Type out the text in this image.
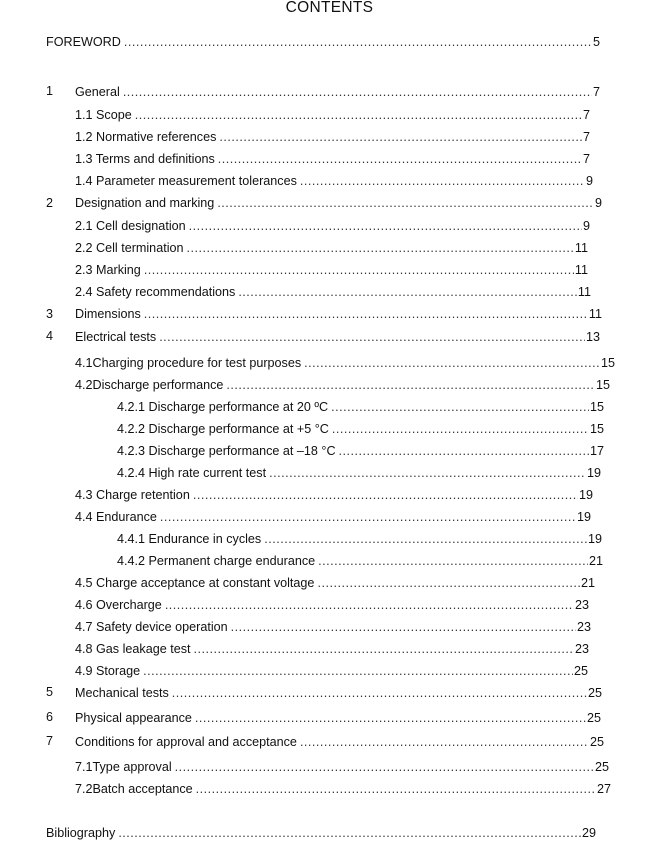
CONTENTS
FOREWORD .....	5
1 General .....	7
1.1 Scope .....	7
1.2 Normative references .....	7
1.3 Terms and definitions .....	7
1.4 Parameter measurement tolerances .....	9
2 Designation and marking .....	9
2.1 Cell designation .....	9
2.2 Cell termination .....	11
2.3 Marking .....	11
2.4 Safety recommendations .....	11
3 Dimensions .....	11
4 Electrical tests .....	13
4.1 Charging procedure for test purposes .....	15
4.2 Discharge performance .....	15
4.2.1 Discharge performance at 20 ºC .....	15
4.2.2 Discharge performance at +5 °C .....	15
4.2.3 Discharge performance at –18 °C .....	17
4.2.4 High rate current test .....	19
4.3 Charge retention .....	19
4.4 Endurance .....	19
4.4.1 Endurance in cycles .....	19
4.4.2 Permanent charge endurance .....	21
4.5 Charge acceptance at constant voltage .....	21
4.6 Overcharge .....	23
4.7 Safety device operation .....	23
4.8 Gas leakage test .....	23
4.9 Storage .....	25
5 Mechanical tests .....	25
6 Physical appearance .....	25
7 Conditions for approval and acceptance .....	25
7.1 Type approval .....	25
7.2 Batch acceptance .....	27
Bibliography .....	29
